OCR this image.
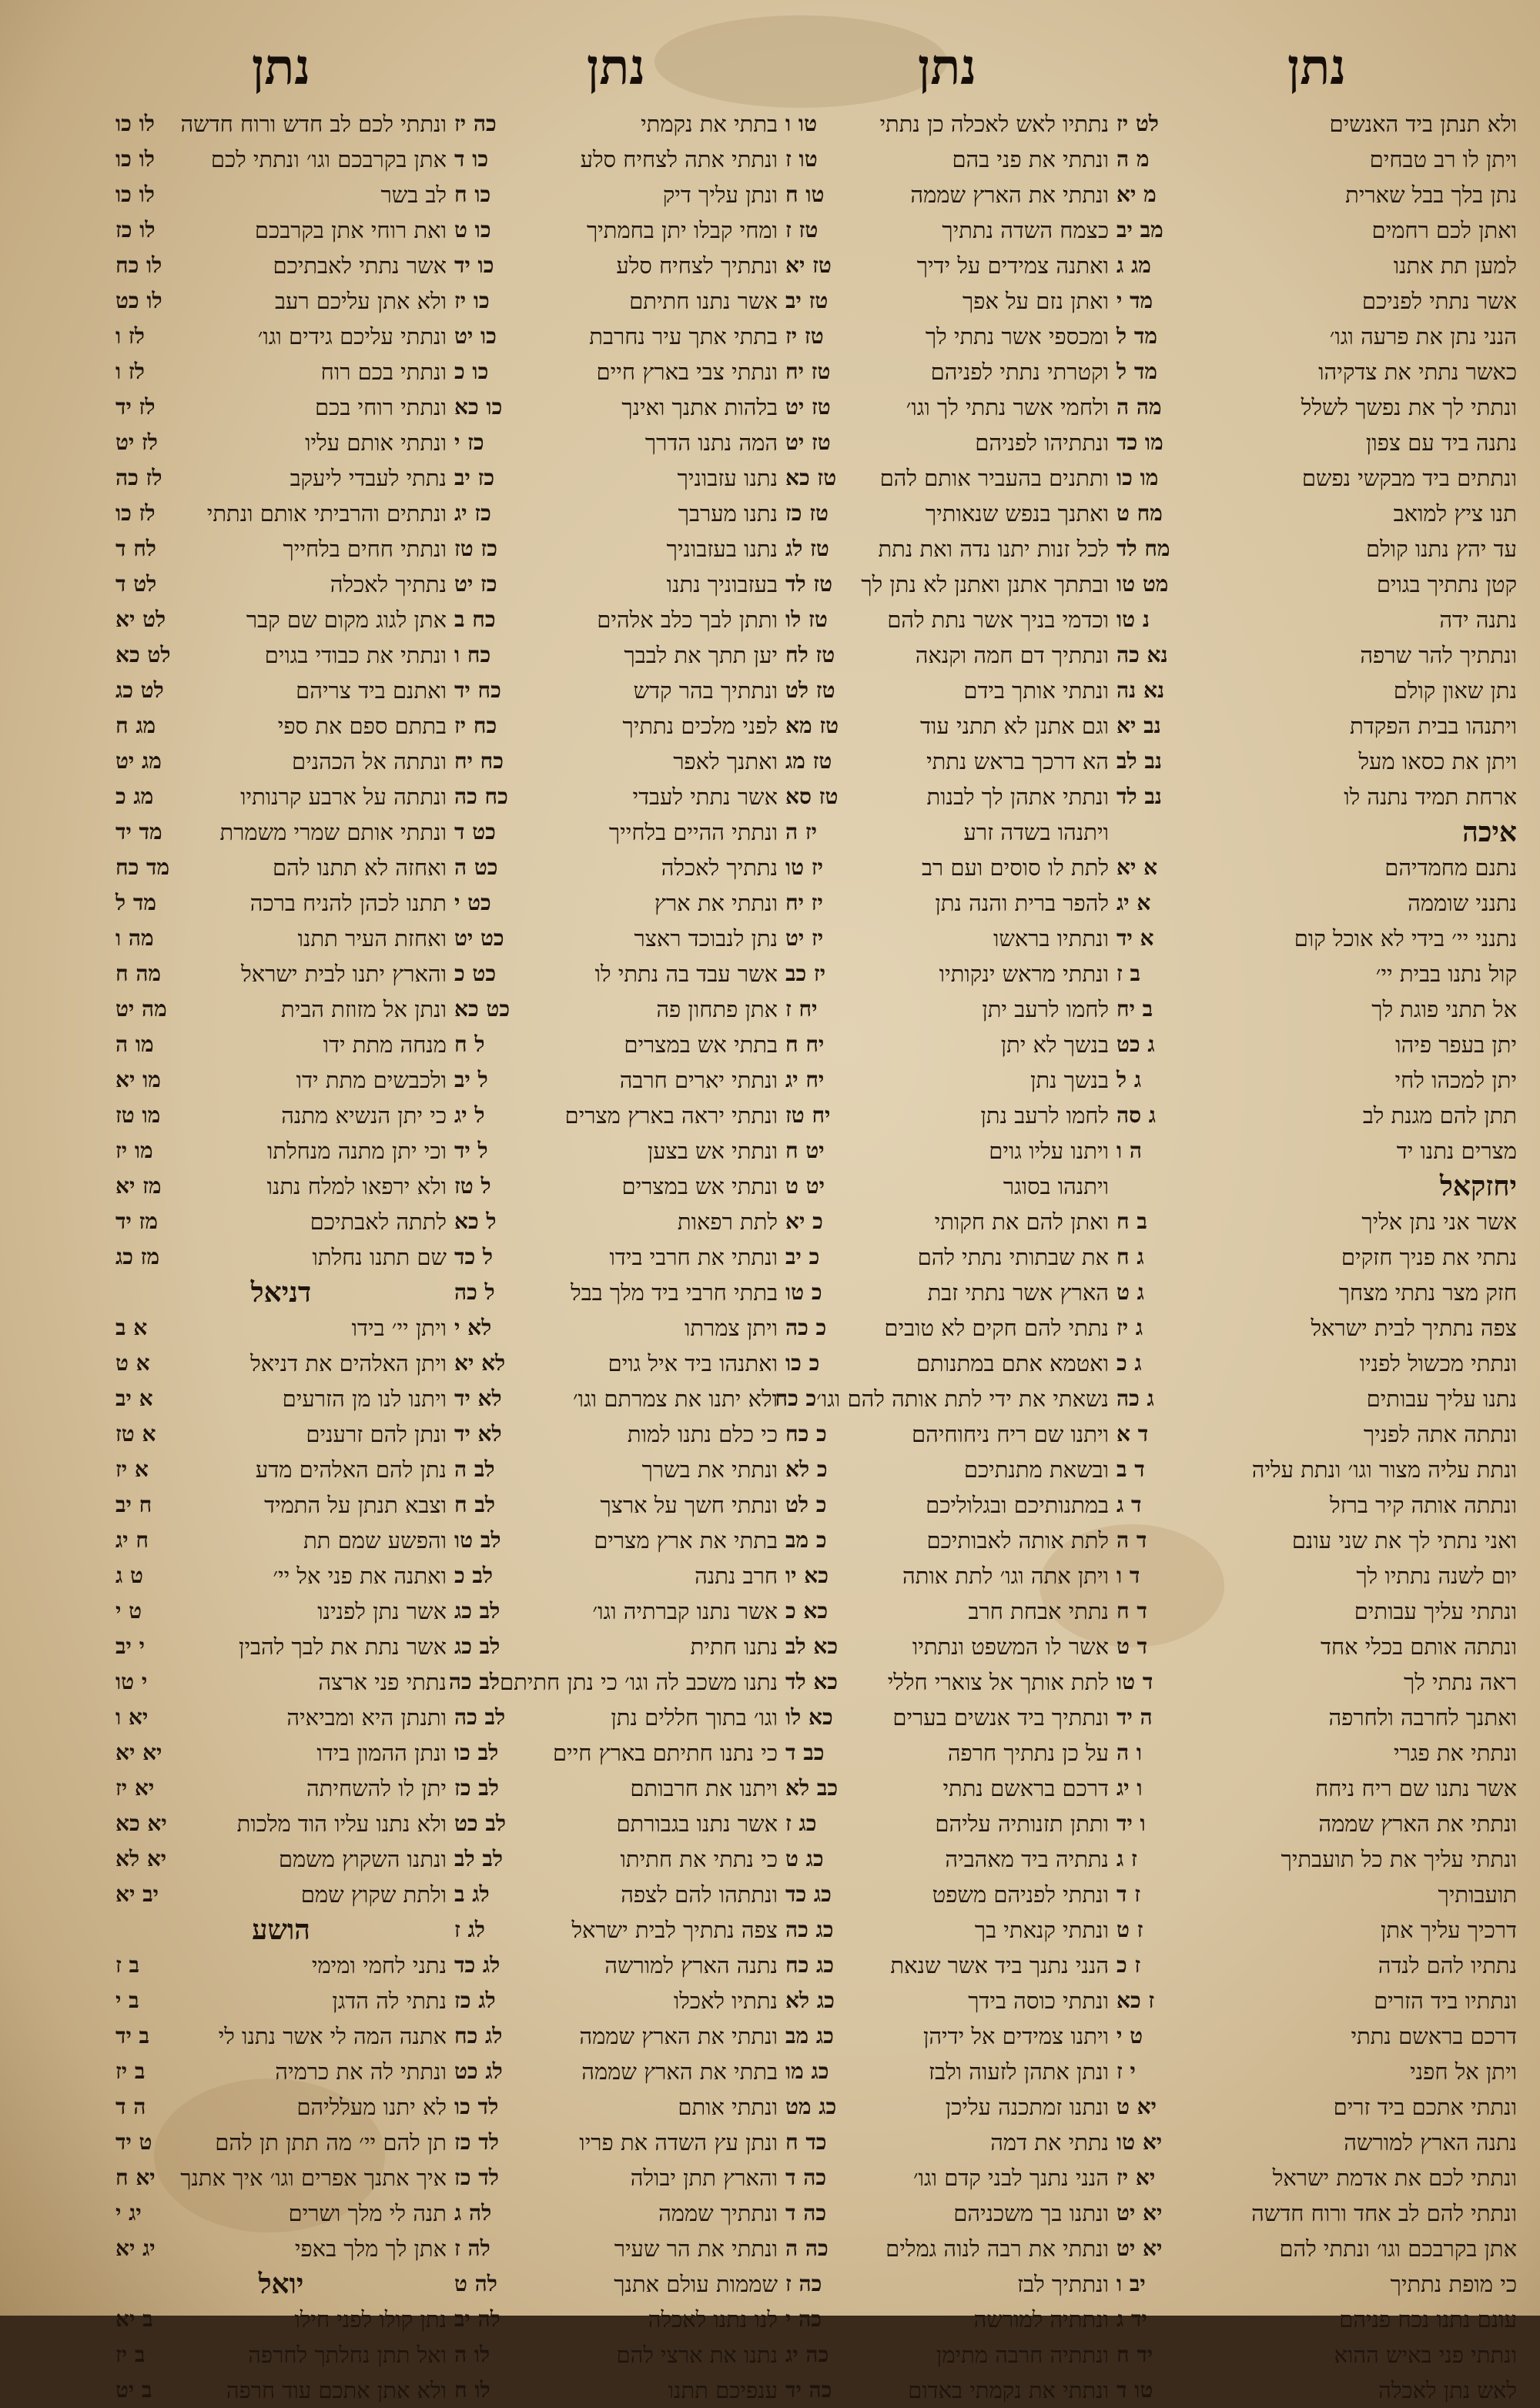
נתן
ולא תנתן ביד האנשים
לט יז
ויתן לו רב טבחים
מ ה
נתן בלך בבל שארית
מ יא
ואתן לכם רחמים
מב יב
למען תת אתנו
מג ג
אשר נתתי לפניכם
מד י
הנני נתן את פרעה וגו׳
מד ל
כאשר נתתי את צדקיהו
מד ל
ונתתי לך את נפשך לשלל
מה ה
נתנה ביד עם צפון
מו כד
ונתתים ביד מבקשי נפשם
מו כו
תנו ציץ למואב
מח ט
עד יהץ נתנו קולם
מח לד
קטן נתתיך בגוים
מט טו
נתנה ידה
נ טו
ונתתיך להר שרפה
נא כה
נתן שאון קולם
נא נה
ויתנהו בבית הפקדת
נב יא
ויתן את כסאו מעל
נב לב
ארחת תמיד נתנה לו
נב לד
איכה
נתנם מחמדיהם
א יא
נתנני שוממה
א יג
נתנני יי׳ בידי לא אוכל קום
א יד
קול נתנו בבית יי׳
ב ז
אל תתני פוגת לך
ב יח
יתן בעפר פיהו
ג כט
יתן למכהו לחי
ג ל
תתן להם מגנת לב
ג סה
מצרים נתנו יד
ה ו
יחזקאל
אשר אני נתן אליך
ב ח
נתתי את פניך חזקים
ג ח
חזק מצר נתתי מצחך
ג ט
צפה נתתיך לבית ישראל
ג יז
ונתתי מכשול לפניו
ג כ
נתנו עליך עבותים
ג כה
ונתתה אתה לפניך
ד א
ונתת עליה מצור וגו׳ ונתת עליה
ד ב
ונתתה אותה קיר ברזל
ד ג
ואני נתתי לך את שני עונם
ד ה
יום לשנה נתתיו לך
ד ו
ונתתי עליך עבותים
ד ח
ונתתה אותם בכלי אחד
ד ט
ראה נתתי לך
ד טו
ואתנך לחרבה ולחרפה
ה יד
ונתתי את פגרי
ו ה
אשר נתנו שם ריח ניחח
ו יג
ונתתי את הארץ שממה
ו יד
ונתתי עליך את כל תועבתיך
ז ג
תועבותיך
ז ד
דרכיך עליך אתן
ז ט
נתתיו להם לנדה
ז כ
ונתתיו ביד הזרים
ז כא
דרכם בראשם נתתי
ט י
ויתן אל חפני
י ז
ונתתי אתכם ביד זרים
יא ט
נתנה הארץ למורשה
יא טו
ונתתי לכם את אדמת ישראל
יא יז
ונתתי להם לב אחד ורוח חדשה
יא יט
אתן בקרבכם וגו׳ ונתתי להם
יא יט
כי מופת נתתיך
יב ו
עונם נתנו נכח פניהם
יד ג
ונתתי פני באיש ההוא
יד ח
לאש נתן לאכלה
טו ד
נתן
נתתיו לאש לאכלה כן נתתי
טו ו
ונתתי את פני בהם
טו ז
ונתתי את הארץ שממה
טו ח
כצמח השדה נתתיך
טז ז
ואתנה צמידים על ידיך
טז יא
ואתן נזם על אפך
טז יב
ומכספי אשר נתתי לך
טז יז
וקטרתי נתתי לפניהם
טז יח
ולחמי אשר נתתי לך וגו׳
טז יט
ונתתיהו לפניהם
טז יט
ותתנים בהעביר אותם להם
טז כא
ואתנך בנפש שנאותיך
טז כז
לכל זנות יתנו נדה ואת נתת
טז לג
ובתתך אתנן ואתנן לא נתן לך
טז לד
וכדמי בניך אשר נתת להם
טז לו
ונתתיך דם חמה וקנאה
טז לח
ונתתי אותך בידם
טז לט
וגם אתנן לא תתני עוד
טז מא
הא דרכך בראש נתתי
טז מג
ונתתי אתהן לך לבנות
טז סא
ויתנהו בשדה זרע
יז ה
לתת לו סוסים ועם רב
יז טו
להפר ברית והנה נתן
יז יח
ונתתיו בראשו
יז יט
ונתתי מראש ינקותיו
יז כב
לחמו לרעב יתן
יח ז
בנשך לא יתן
יח ח
בנשך נתן
יח יג
לחמו לרעב נתן
יח טז
ויתנו עליו גוים
יט ח
ויתנהו בסוגר
יט ט
ואתן להם את חקותי
כ יא
את שבתותי נתתי להם
כ יב
הארץ אשר נתתי זבת
כ טו
נתתי להם חקים לא טובים
כ כה
ואטמא אתם במתנותם
כ כו
נשאתי את ידי לתת אותה להם וגו׳
כ כח
ויתנו שם ריח ניחוחיהם
כ כח
ובשאת מתנתיכם
כ לא
במתנותיכם ובגלוליכם
כ לט
לתת אותה לאבותיכם
כ מב
ויתן אתה וגו׳ לתת אותה
כא יו
נתתי אבחת חרב
כא כ
אשר לו המשפט ונתתיו
כא לב
לתת אותך אל צוארי חללי
כא לד
ונתתיך ביד אנשים בערים
כא לו
על כן נתתיך חרפה
כב ד
דרכם בראשם נתתי
כב לא
ותתן תזנותיה עליהם
כג ז
נתתיה ביד מאהביה
כג ט
ונתתי לפניהם משפט
כג כד
ונתתי קנאתי בך
כג כה
הנני נתנך ביד אשר שנאת
כג כח
ונתתי כוסה בידך
כג לא
ויתנו צמידים אל ידיהן
כג מב
ונתן אתהן לזעוה ולבז
כג מו
ונתנו זמתכנה עליכן
כג מט
נתתי את דמה
כד ח
הנני נתנך לבני קדם וגו׳
כה ד
ונתנו בך משכניהם
כה ד
ונתתי את רבה לנוה גמלים
כה ה
ונתתיך לבז
כה ז
ונתתיה למורשה
כה י
ונתתיה חרבה מתימן
כה יג
ונתתי את נקמתי באדום
כה יד
נתן
בתתי את נקמתי
כה יז
ונתתי אתה לצחיח סלע
כו ד
ונתן עליך דיק
כו ח
ומחי קבלו יתן בחמתיך
כו ט
ונתתיך לצחיח סלע
כו יד
אשר נתנו חתיתם
כו יז
בתתי אתך עיר נחרבת
כו יט
ונתתי צבי בארץ חיים
כו כ
בלהות אתנך ואינך
כו כא
המה נתנו הדרך
כז י
נתנו עזבוניך
כז יב
נתנו מערבך
כז יג
נתנו בעזבוניך
כז טז
בעזבוניך נתנו
כז יט
ותתן לבך כלב אלהים
כח ב
יען תתך את לבבך
כח ו
ונתתיך בהר קדש
כח יד
לפני מלכים נתתיך
כח יז
ואתנך לאפר
כח יח
אשר נתתי לעבדי
כח כה
ונתתי ההיים בלחייך
כט ד
נתתיך לאכלה
כט ה
ונתתי את ארץ
כט י
נתן לנבוכד ראצר
כט יט
אשר עבד בה נתתי לו
כט כ
אתן פתחון פה
כט כא
בתתי אש במצרים
ל ח
ונתתי יארים חרבה
ל יב
ונתתי יראה בארץ מצרים
ל יג
ונתתי אש בצען
ל יד
ונתתי אש במצרים
ל טז
לתת רפאות
ל כא
ונתתי את חרבי בידו
ל כד
בתתי חרבי ביד מלך בבל
ל כה
ויתן צמרתו
לא י
ואתנהו ביד איל גוים
לא יא
ולא יתנו את צמרתם וגו׳
לא יד
כי כלם נתנו למות
לא יד
ונתתי את בשרך
לב ה
ונתתי חשך על ארצך
לב ח
בתתי את ארץ מצרים
לב טו
חרב נתנה
לב כ
אשר נתנו קברתיה וגו׳
לב כג
נתנו חתית
לב כג
נתנו משכב לה וגו׳ כי נתן חתיתם
לב כה
וגו׳ בתוך חללים נתן
לב כה
כי נתנו חתיתם בארץ חיים
לב כו
ויתנו את חרבותם
לב כז
אשר נתנו בגבורתם
לב כט
כי נתתי את חתיתו
לב לב
ונתתהו להם לצפה
לג ב
צפה נתתיך לבית ישראל
לג ז
נתנה הארץ למורשה
לג כד
נתתיו לאכלו
לג כז
ונתתי את הארץ שממה
לג כח
בתתי את הארץ שממה
לג כט
ונתתי אותם
לד כו
ונתן עץ השדה את פריו
לד כז
והארץ תתן יבולה
לד כז
ונתתיך שממה
לה ג
ונתתי את הר שעיר
לה ז
שממות עולם אתנך
לה ט
לנו נתנו לאכלה
לה יב
נתנו את ארצי להם
לו ה
ענפיכם תתנו
לו ח
נתן
ונתתי לכם לב חדש ורוח חדשה
לו כו
אתן בקרבכם וגו׳ ונתתי לכם
לו כו
לב בשר
לו כו
ואת רוחי אתן בקרבכם
לו כז
אשר נתתי לאבתיכם
לו כח
ולא אתן עליכם רעב
לו כט
ונתתי עליכם גידים וגו׳
לז ו
ונתתי בכם רוח
לז ו
ונתתי רוחי בכם
לז יד
ונתתי אותם עליו
לז יט
נתתי לעבדי ליעקב
לז כה
ונתתים והרביתי אותם ונתתי
לז כו
ונתתי חחים בלחייך
לח ד
נתתיך לאכלה
לט ד
אתן לגוג מקום שם קבר
לט יא
ונתתי את כבודי בגוים
לט כא
ואתנם ביד צריהם
לט כג
בתתם ספם את ספי
מג ח
ונתתה אל הכהנים
מג יט
ונתתה על ארבע קרנותיו
מג כ
ונתתי אותם שמרי משמרת
מד יד
ואחזה לא תתנו להם
מד כח
תתנו לכהן להניח ברכה
מד ל
ואחזת העיר תתנו
מה ו
והארץ יתנו לבית ישראל
מה ח
ונתן אל מזוזת הבית
מה יט
מנחה מתת ידו
מו ה
ולכבשים מתת ידו
מו יא
כי יתן הנשיא מתנה
מו טז
וכי יתן מתנה מנחלתו
מו יז
ולא ירפאו למלח נתנו
מז יא
לתתה לאבתיכם
מז יד
שם תתנו נחלתו
מז כג
דניאל
ויתן יי׳ בידו
א ב
ויתן האלהים את דניאל
א ט
ויתנו לנו מן הזרעים
א יב
ונתן להם זרענים
א טז
נתן להם האלהים מדע
א יז
וצבא תנתן על התמיד
ח יב
והפשע שמם תת
ח יג
ואתנה את פני אל יי׳
ט ג
אשר נתן לפנינו
ט י
אשר נתת את לבך להבין
י יב
נתתי פני ארצה
י טו
ותנתן היא ומביאיה
יא ו
ונתן ההמון בידו
יא יא
יתן לו להשחיתה
יא יז
ולא נתנו עליו הוד מלכות
יא כא
ונתנו השקוץ משמם
יא לא
ולתת שקוץ שמם
יב יא
הושע
נתני לחמי ומימי
ב ז
נתתי לה הדגן
ב י
אתנה המה לי אשר נתנו לי
ב יד
ונתתי לה את כרמיה
ב יז
לא יתנו מעלליהם
ה ד
תן להם יי׳ מה תתן תן להם
ט יד
איך אתנך אפרים וגו׳ איך אתנך
יא ח
תנה לי מלך ושרים
יג י
אתן לך מלך באפי
יג יא
יואל
נתן קולו לפני חילו
ב יא
ואל תתן נחלתך לחרפה
ב יז
ולא אתן אתכם עוד חרפה
ב יט
